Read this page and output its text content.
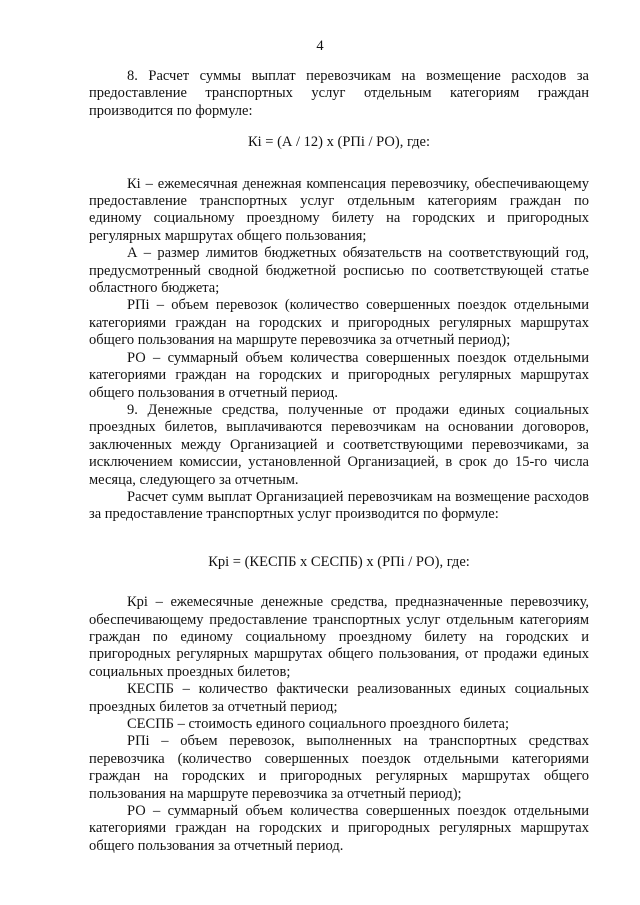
4

8. Расчет суммы выплат перевозчикам на возмещение расходов за предоставление транспортных услуг отдельным категориям граждан производится по формуле:

Кi = (А / 12) х (РПi / РО), где:

Кi – ежемесячная денежная компенсация перевозчику, обеспечивающему предоставление транспортных услуг отдельным категориям граждан по единому социальному проездному билету на городских и пригородных регулярных маршрутах общего пользования;

А – размер лимитов бюджетных обязательств на соответствующий год, предусмотренный сводной бюджетной росписью по соответствующей статье областного бюджета;

РПi – объем перевозок (количество совершенных поездок отдельными категориями граждан на городских и пригородных регулярных маршрутах общего пользования на маршруте перевозчика за отчетный период);

РО – суммарный объем количества совершенных поездок отдельными категориями граждан на городских и пригородных регулярных маршрутах общего пользования в отчетный период.

9. Денежные средства, полученные от продажи единых социальных проездных билетов, выплачиваются перевозчикам на основании договоров, заключенных между Организацией и соответствующими перевозчиками, за исключением комиссии, установленной Организацией, в срок до 15-го числа месяца, следующего за отчетным.

Расчет сумм выплат Организацией перевозчикам на возмещение расходов за предоставление транспортных услуг производится по формуле:

Крi = (КЕСПБ х СЕСПБ) х (РПi / РО), где:

Крi – ежемесячные денежные средства, предназначенные перевозчику, обеспечивающему предоставление транспортных услуг отдельным категориям граждан по единому социальному проездному билету на городских и пригородных регулярных маршрутах общего пользования, от продажи единых социальных проездных билетов;

КЕСПБ – количество фактически реализованных единых социальных проездных билетов за отчетный период;

СЕСПБ – стоимость единого социального проездного билета;

РПi – объем перевозок, выполненных на транспортных средствах перевозчика (количество совершенных поездок отдельными категориями граждан на городских и пригородных регулярных маршрутах общего пользования на маршруте перевозчика за отчетный период);

РО – суммарный объем количества совершенных поездок отдельными категориями граждан на городских и пригородных регулярных маршрутах общего пользования за отчетный период.
